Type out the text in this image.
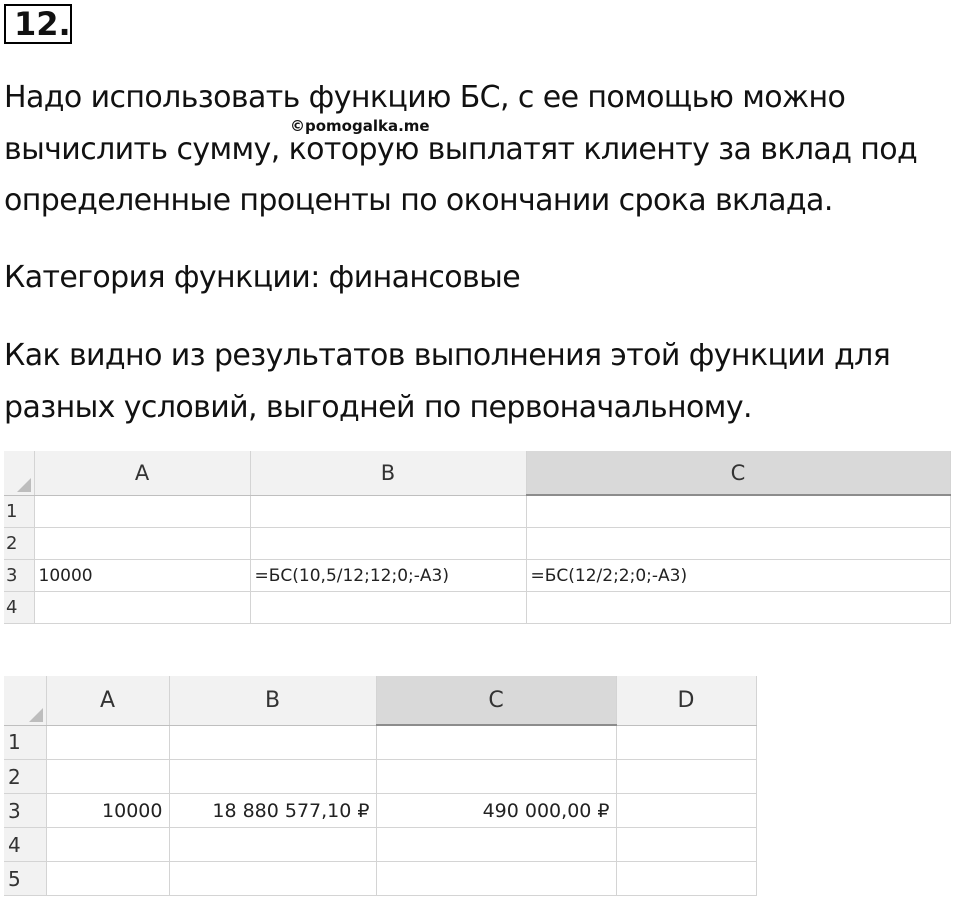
12.

Надо использовать функцию БС, с ее помощью можно

вычислить сумму, которую выплатят клиенту за вклад под

определенные проценты по окончании срока вклада.

Категория функции: финансовые

Как видно из результатов выполнения этой функции для

разных условий, выгодней по первоначальному.

©pomogalka.me
	A	B	C
1			
2			
3	10000	=БС(10,5/12;12;0;-А3)	=БС(12/2;2;0;-А3)
4			
	A	B	C	D
1				
2				
3	10000	18 880 577,10 ₽	490 000,00 ₽	
4				
5				
